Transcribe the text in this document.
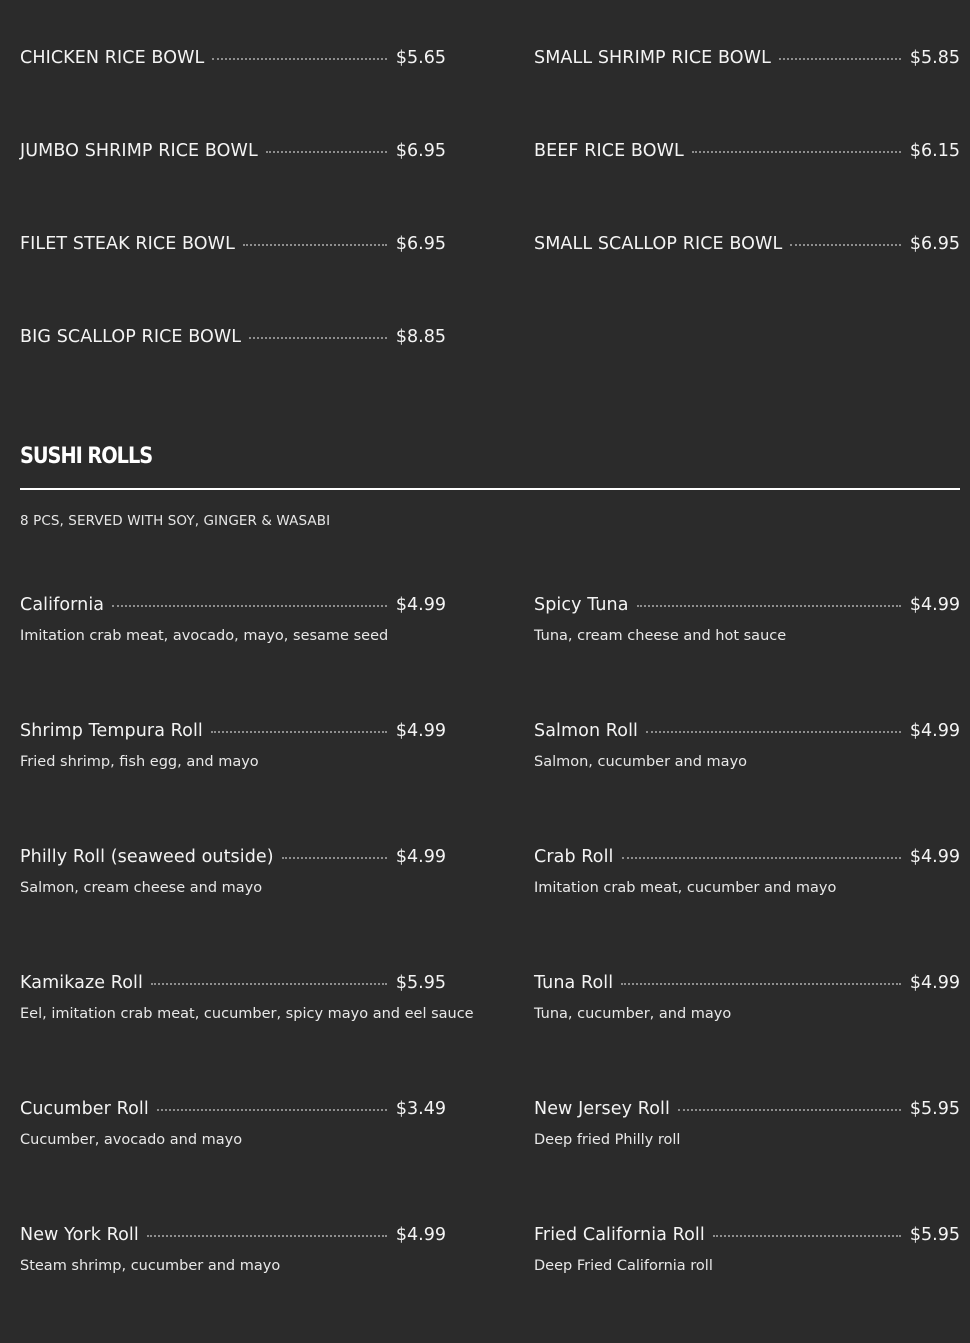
CHICKEN RICE BOWL	$5.65	SMALL SHRIMP RICE BOWL	$5.85
JUMBO SHRIMP RICE BOWL	$6.95	BEEF RICE BOWL	$6.15
FILET STEAK RICE BOWL	$6.95	SMALL SCALLOP RICE BOWL	$6.95
BIG SCALLOP RICE BOWL	$8.85
SUSHI ROLLS
8 PCS, SERVED WITH SOY, GINGER & WASABI
California	$4.99
Imitation crab meat, avocado, mayo, sesame seed
Spicy Tuna	$4.99
Tuna, cream cheese and hot sauce
Shrimp Tempura Roll	$4.99
Fried shrimp, fish egg, and mayo
Salmon Roll	$4.99
Salmon, cucumber and mayo
Philly Roll (seaweed outside)	$4.99
Salmon, cream cheese and mayo
Crab Roll	$4.99
Imitation crab meat, cucumber and mayo
Kamikaze Roll	$5.95
Eel, imitation crab meat, cucumber, spicy mayo and eel sauce
Tuna Roll	$4.99
Tuna, cucumber, and mayo
Cucumber Roll	$3.49
Cucumber, avocado and mayo
New Jersey Roll	$5.95
Deep fried Philly roll
New York Roll	$4.99
Steam shrimp, cucumber and mayo
Fried California Roll	$5.95
Deep Fried California roll
